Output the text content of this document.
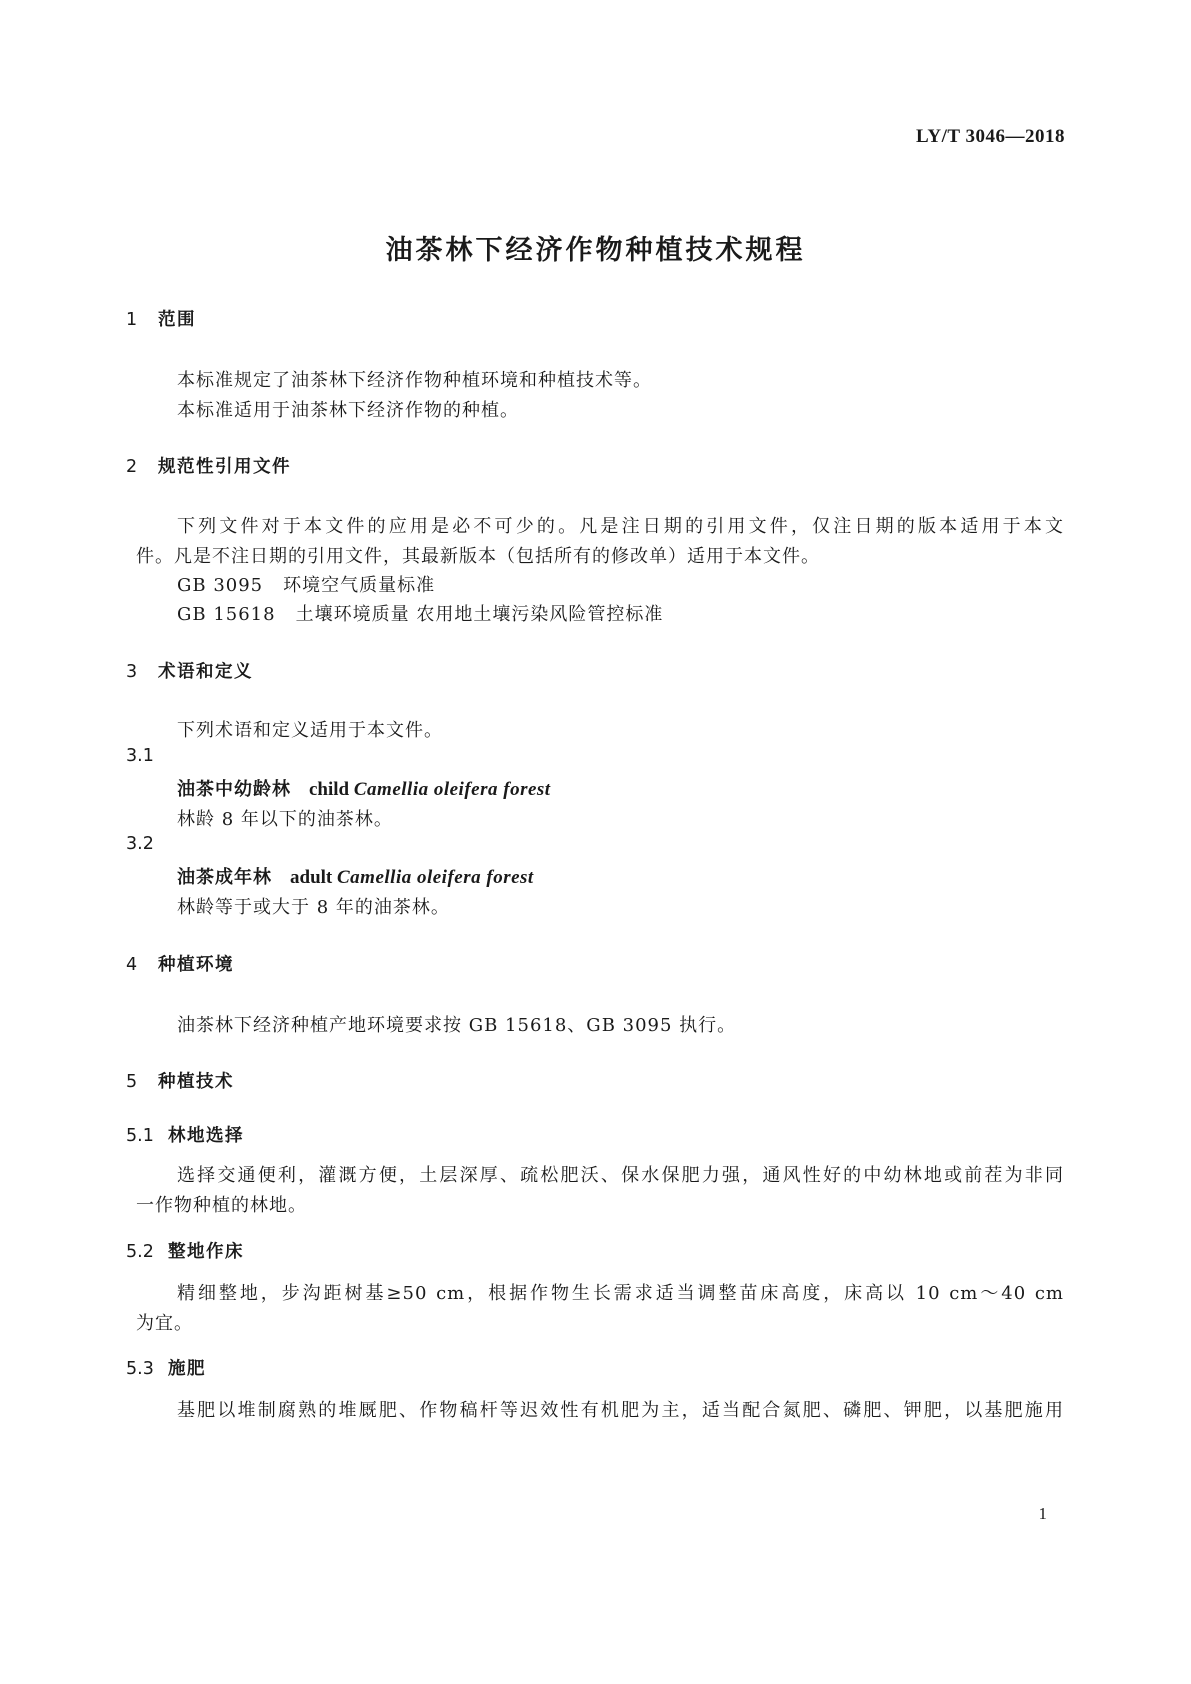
LY/T 3046—2018
油茶林下经济作物种植技术规程
1 范围
本标准规定了油茶林下经济作物种植环境和种植技术等。
本标准适用于油茶林下经济作物的种植。
2 规范性引用文件
下列文件对于本文件的应用是必不可少的。凡是注日期的引用文件，仅注日期的版本适用于本文
件。凡是不注日期的引用文件，其最新版本（包括所有的修改单）适用于本文件。
GB 3095 环境空气质量标准
GB 15618 土壤环境质量 农用地土壤污染风险管控标准
3 术语和定义
下列术语和定义适用于本文件。
3.1
油茶中幼龄林 child Camellia oleifera forest
林龄 8 年以下的油茶林。
3.2
油茶成年林 adult Camellia oleifera forest
林龄等于或大于 8 年的油茶林。
4 种植环境
油茶林下经济种植产地环境要求按 GB 15618、GB 3095 执行。
5 种植技术
5.1 林地选择
选择交通便利，灌溉方便，土层深厚、疏松肥沃、保水保肥力强，通风性好的中幼林地或前茬为非同
一作物种植的林地。
5.2 整地作床
精细整地，步沟距树基≥50 cm，根据作物生长需求适当调整苗床高度，床高以 10 cm～40 cm
为宜。
5.3 施肥
基肥以堆制腐熟的堆厩肥、作物稿杆等迟效性有机肥为主，适当配合氮肥、磷肥、钾肥，以基肥施用
1
